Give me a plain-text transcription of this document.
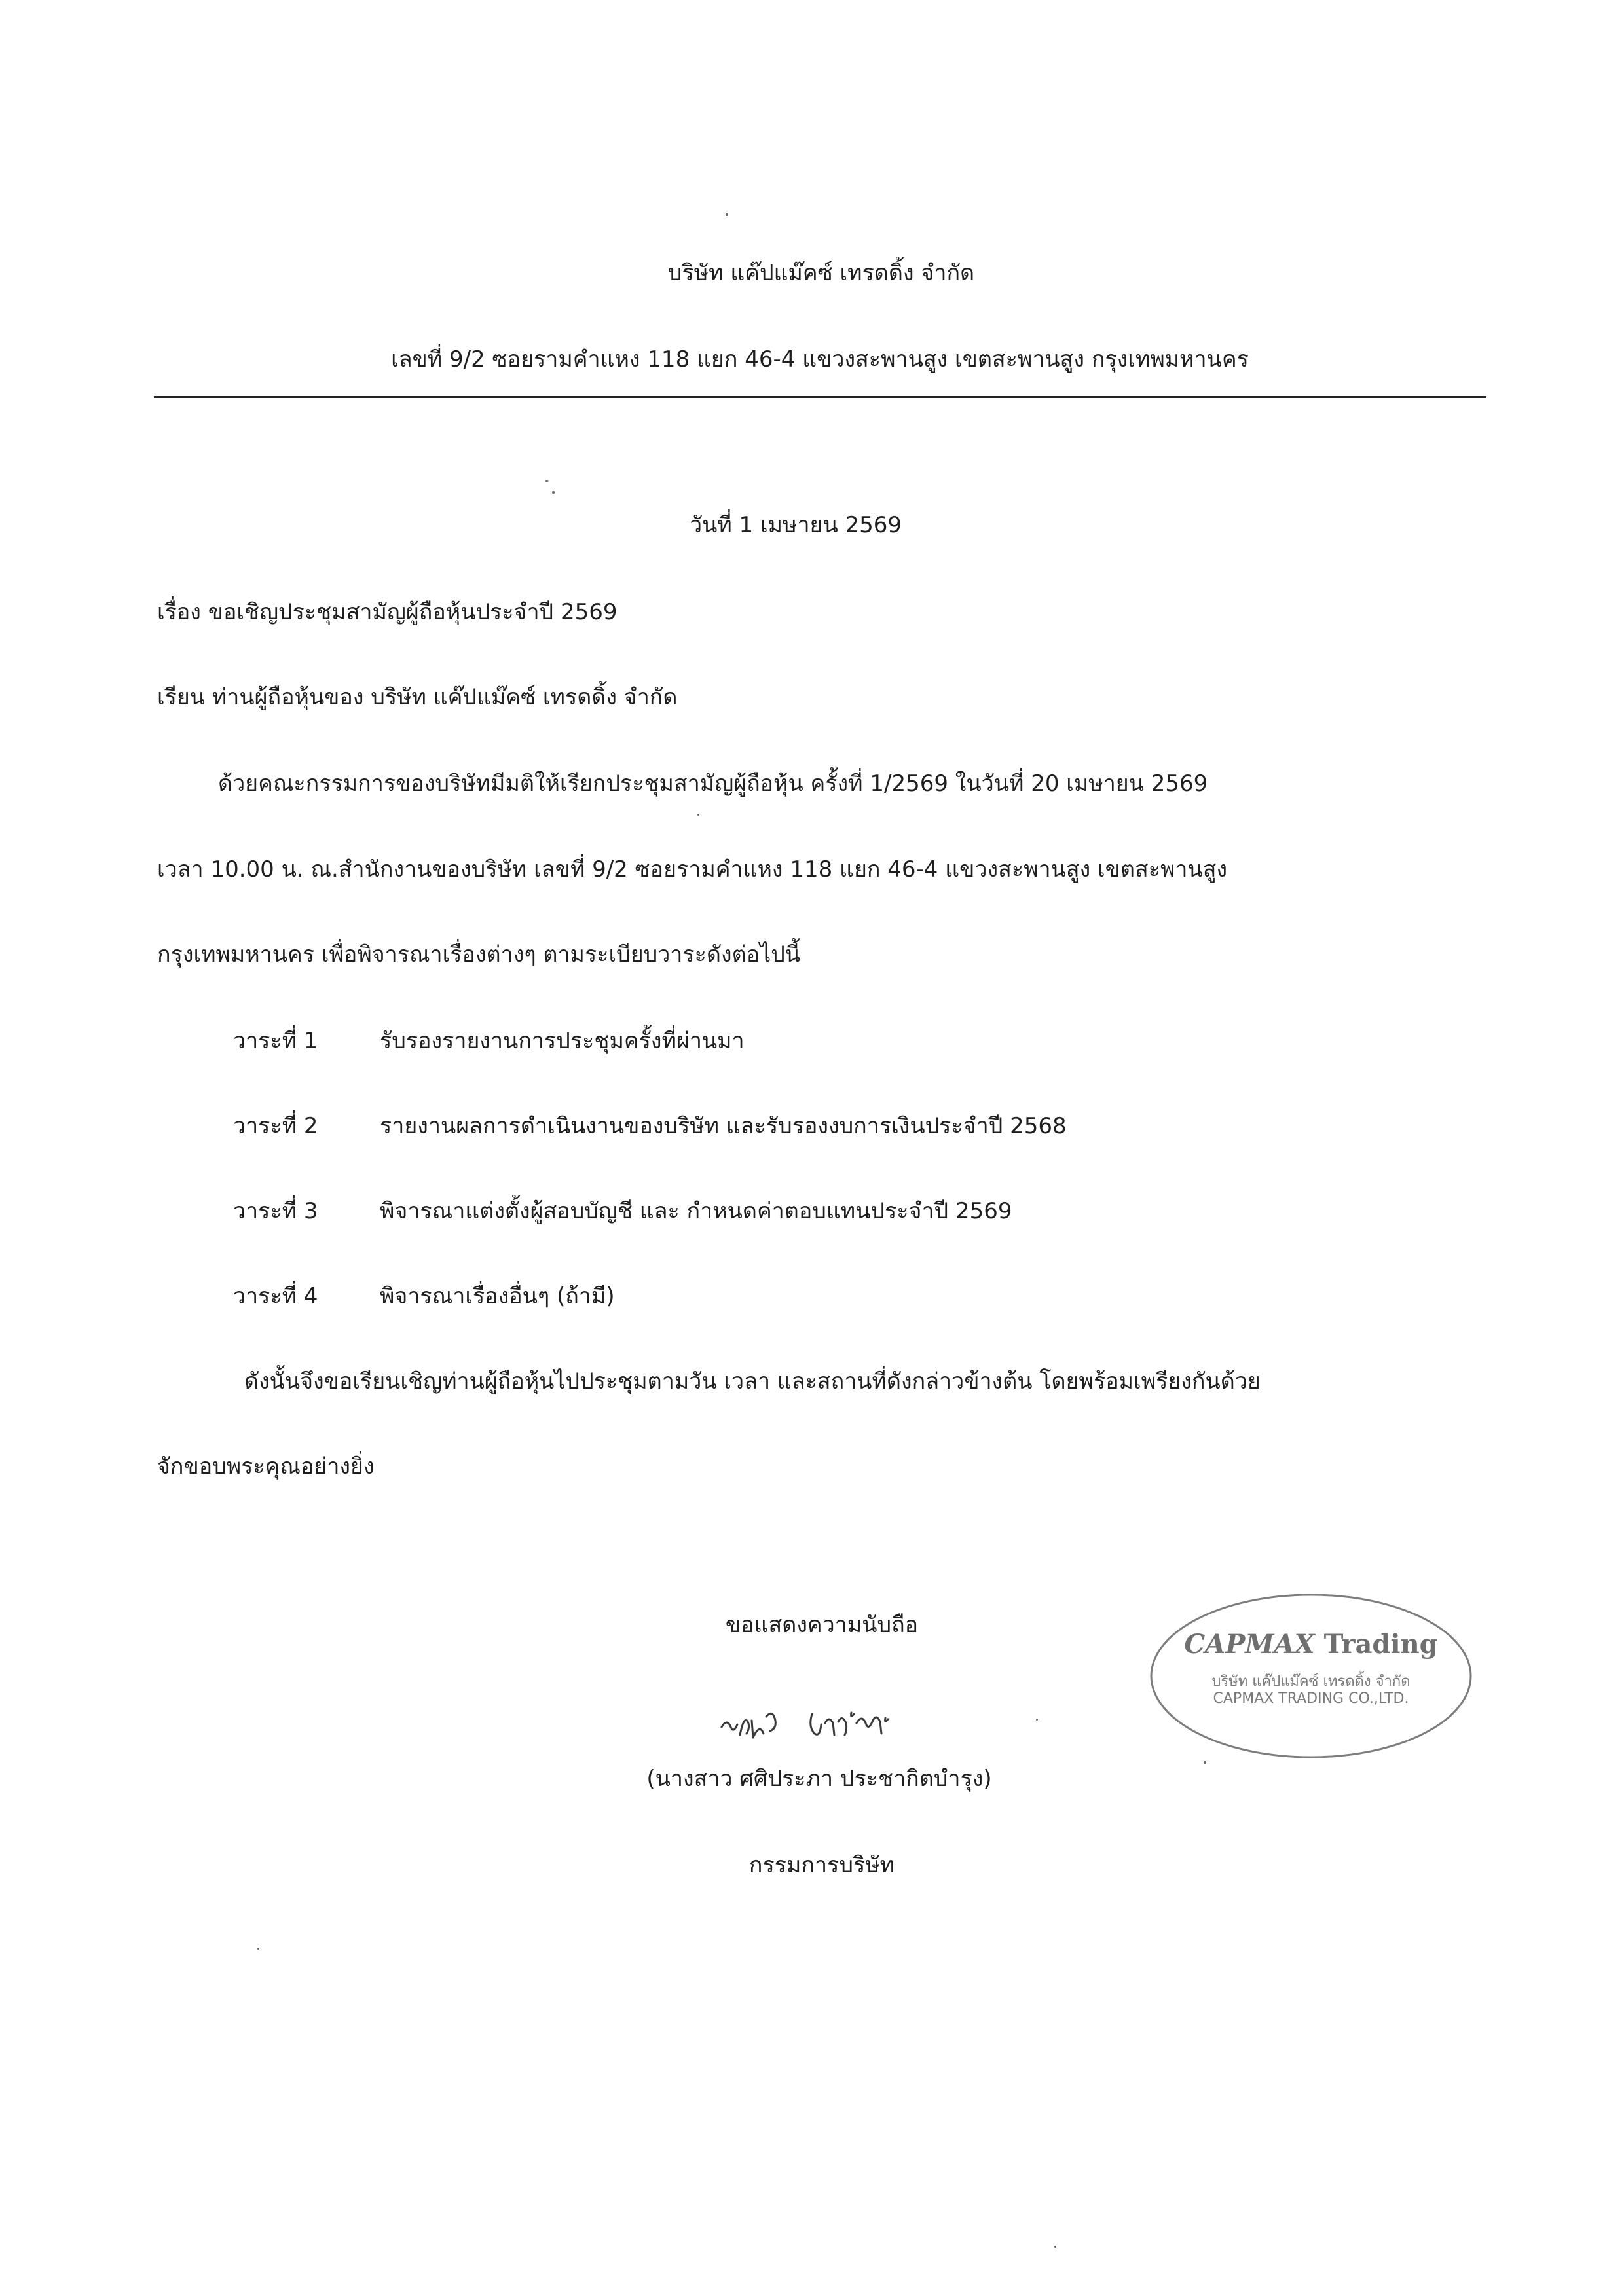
บริษัท แค๊ปแม๊คซ์ เทรดดิ้ง จำกัด
เลขที่ 9/2 ซอยรามคำแหง 118 แยก 46-4 แขวงสะพานสูง เขตสะพานสูง กรุงเทพมหานคร
วันที่ 1 เมษายน 2569
เรื่อง ขอเชิญประชุมสามัญผู้ถือหุ้นประจำปี 2569
เรียน ท่านผู้ถือหุ้นของ บริษัท แค๊ปแม๊คซ์ เทรดดิ้ง จำกัด
ด้วยคณะกรรมการของบริษัทมีมติให้เรียกประชุมสามัญผู้ถือหุ้น ครั้งที่ 1/2569 ในวันที่ 20 เมษายน 2569
เวลา 10.00 น. ณ.สำนักงานของบริษัท เลขที่ 9/2 ซอยรามคำแหง 118 แยก 46-4 แขวงสะพานสูง เขตสะพานสูง
กรุงเทพมหานคร เพื่อพิจารณาเรื่องต่างๆ ตามระเบียบวาระดังต่อไปนี้
วาระที่ 1	รับรองรายงานการประชุมครั้งที่ผ่านมา
วาระที่ 2	รายงานผลการดำเนินงานของบริษัท และรับรองงบการเงินประจำปี 2568
วาระที่ 3	พิจารณาแต่งตั้งผู้สอบบัญชี และ กำหนดค่าตอบแทนประจำปี 2569
วาระที่ 4	พิจารณาเรื่องอื่นๆ (ถ้ามี)
ดังนั้นจึงขอเรียนเชิญท่านผู้ถือหุ้นไปประชุมตามวัน เวลา และสถานที่ดังกล่าวข้างต้น โดยพร้อมเพรียงกันด้วย
จักขอบพระคุณอย่างยิ่ง
ขอแสดงความนับถือ
(นางสาว ศศิประภา ประชากิตบำรุง)
กรรมการบริษัท
CAPMAX Trading
บริษัท แค๊ปแม๊คซ์ เทรดดิ้ง จำกัด
CAPMAX TRADING CO.,LTD.
